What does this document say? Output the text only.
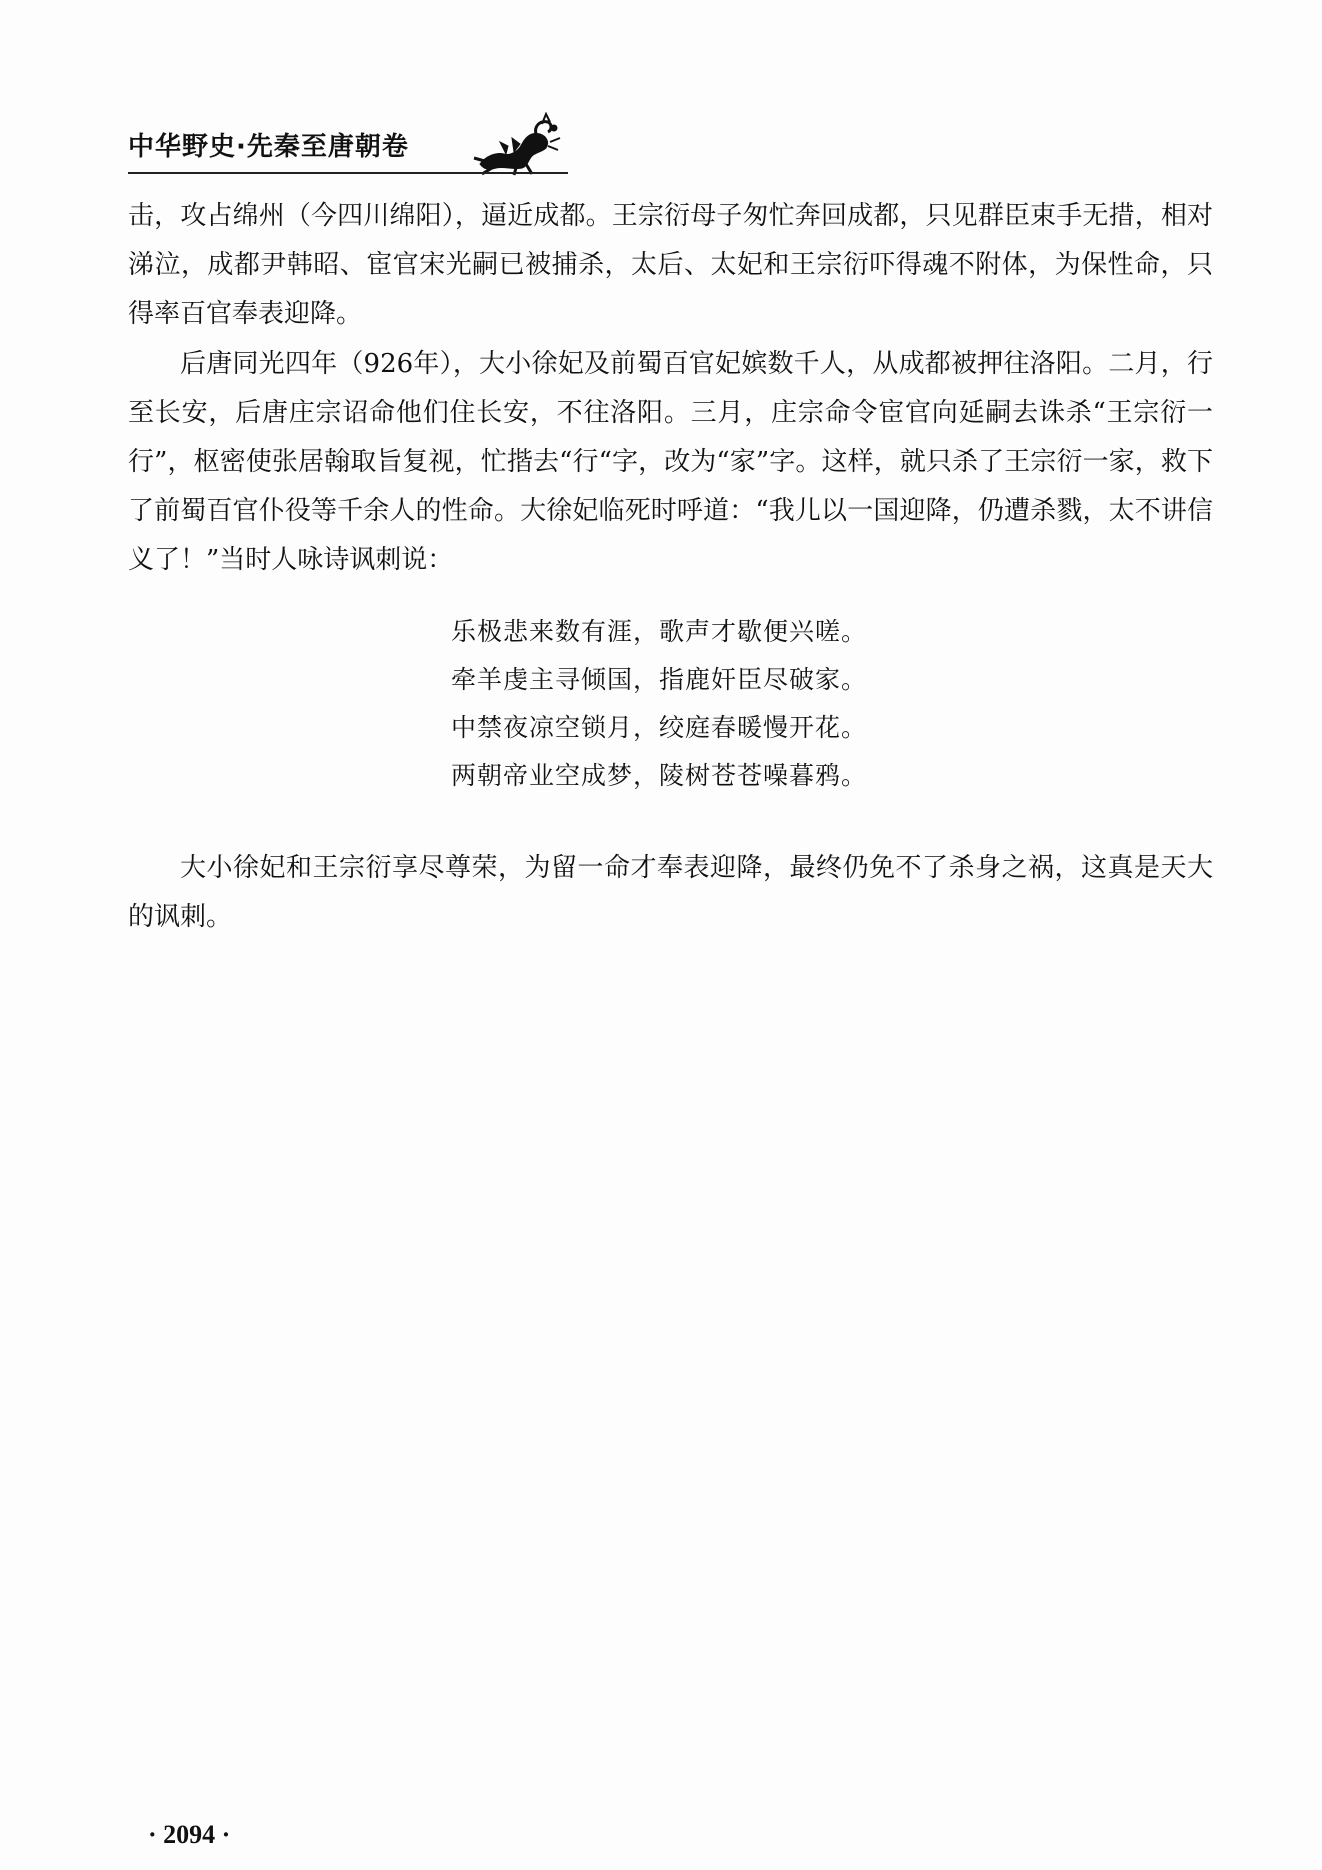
中华野史·先秦至唐朝卷

击，攻占绵州（今四川绵阳），逼近成都。王宗衍母子匆忙奔回成都，只见群臣束手无措，相对涕泣，成都尹韩昭、宦官宋光嗣已被捕杀，太后、太妃和王宗衍吓得魂不附体，为保性命，只得率百官奉表迎降。

后唐同光四年（926年），大小徐妃及前蜀百官妃嫔数千人，从成都被押往洛阳。二月，行至长安，后唐庄宗诏命他们住长安，不往洛阳。三月，庄宗命令宦官向延嗣去诛杀“王宗衍一行”，枢密使张居翰取旨复视，忙揩去“行“字，改为“家”字。这样，就只杀了王宗衍一家，救下了前蜀百官仆役等千余人的性命。大徐妃临死时呼道：“我儿以一国迎降，仍遭杀戮，太不讲信义了！”当时人咏诗讽刺说：

乐极悲来数有涯，歌声才歇便兴嗟。
牵羊虔主寻倾国，指鹿奸臣尽破家。
中禁夜凉空锁月，绞庭春暖慢开花。
两朝帝业空成梦，陵树苍苍噪暮鸦。

大小徐妃和王宗衍享尽尊荣，为留一命才奉表迎降，最终仍免不了杀身之祸，这真是天大的讽刺。

· 2094 ·
